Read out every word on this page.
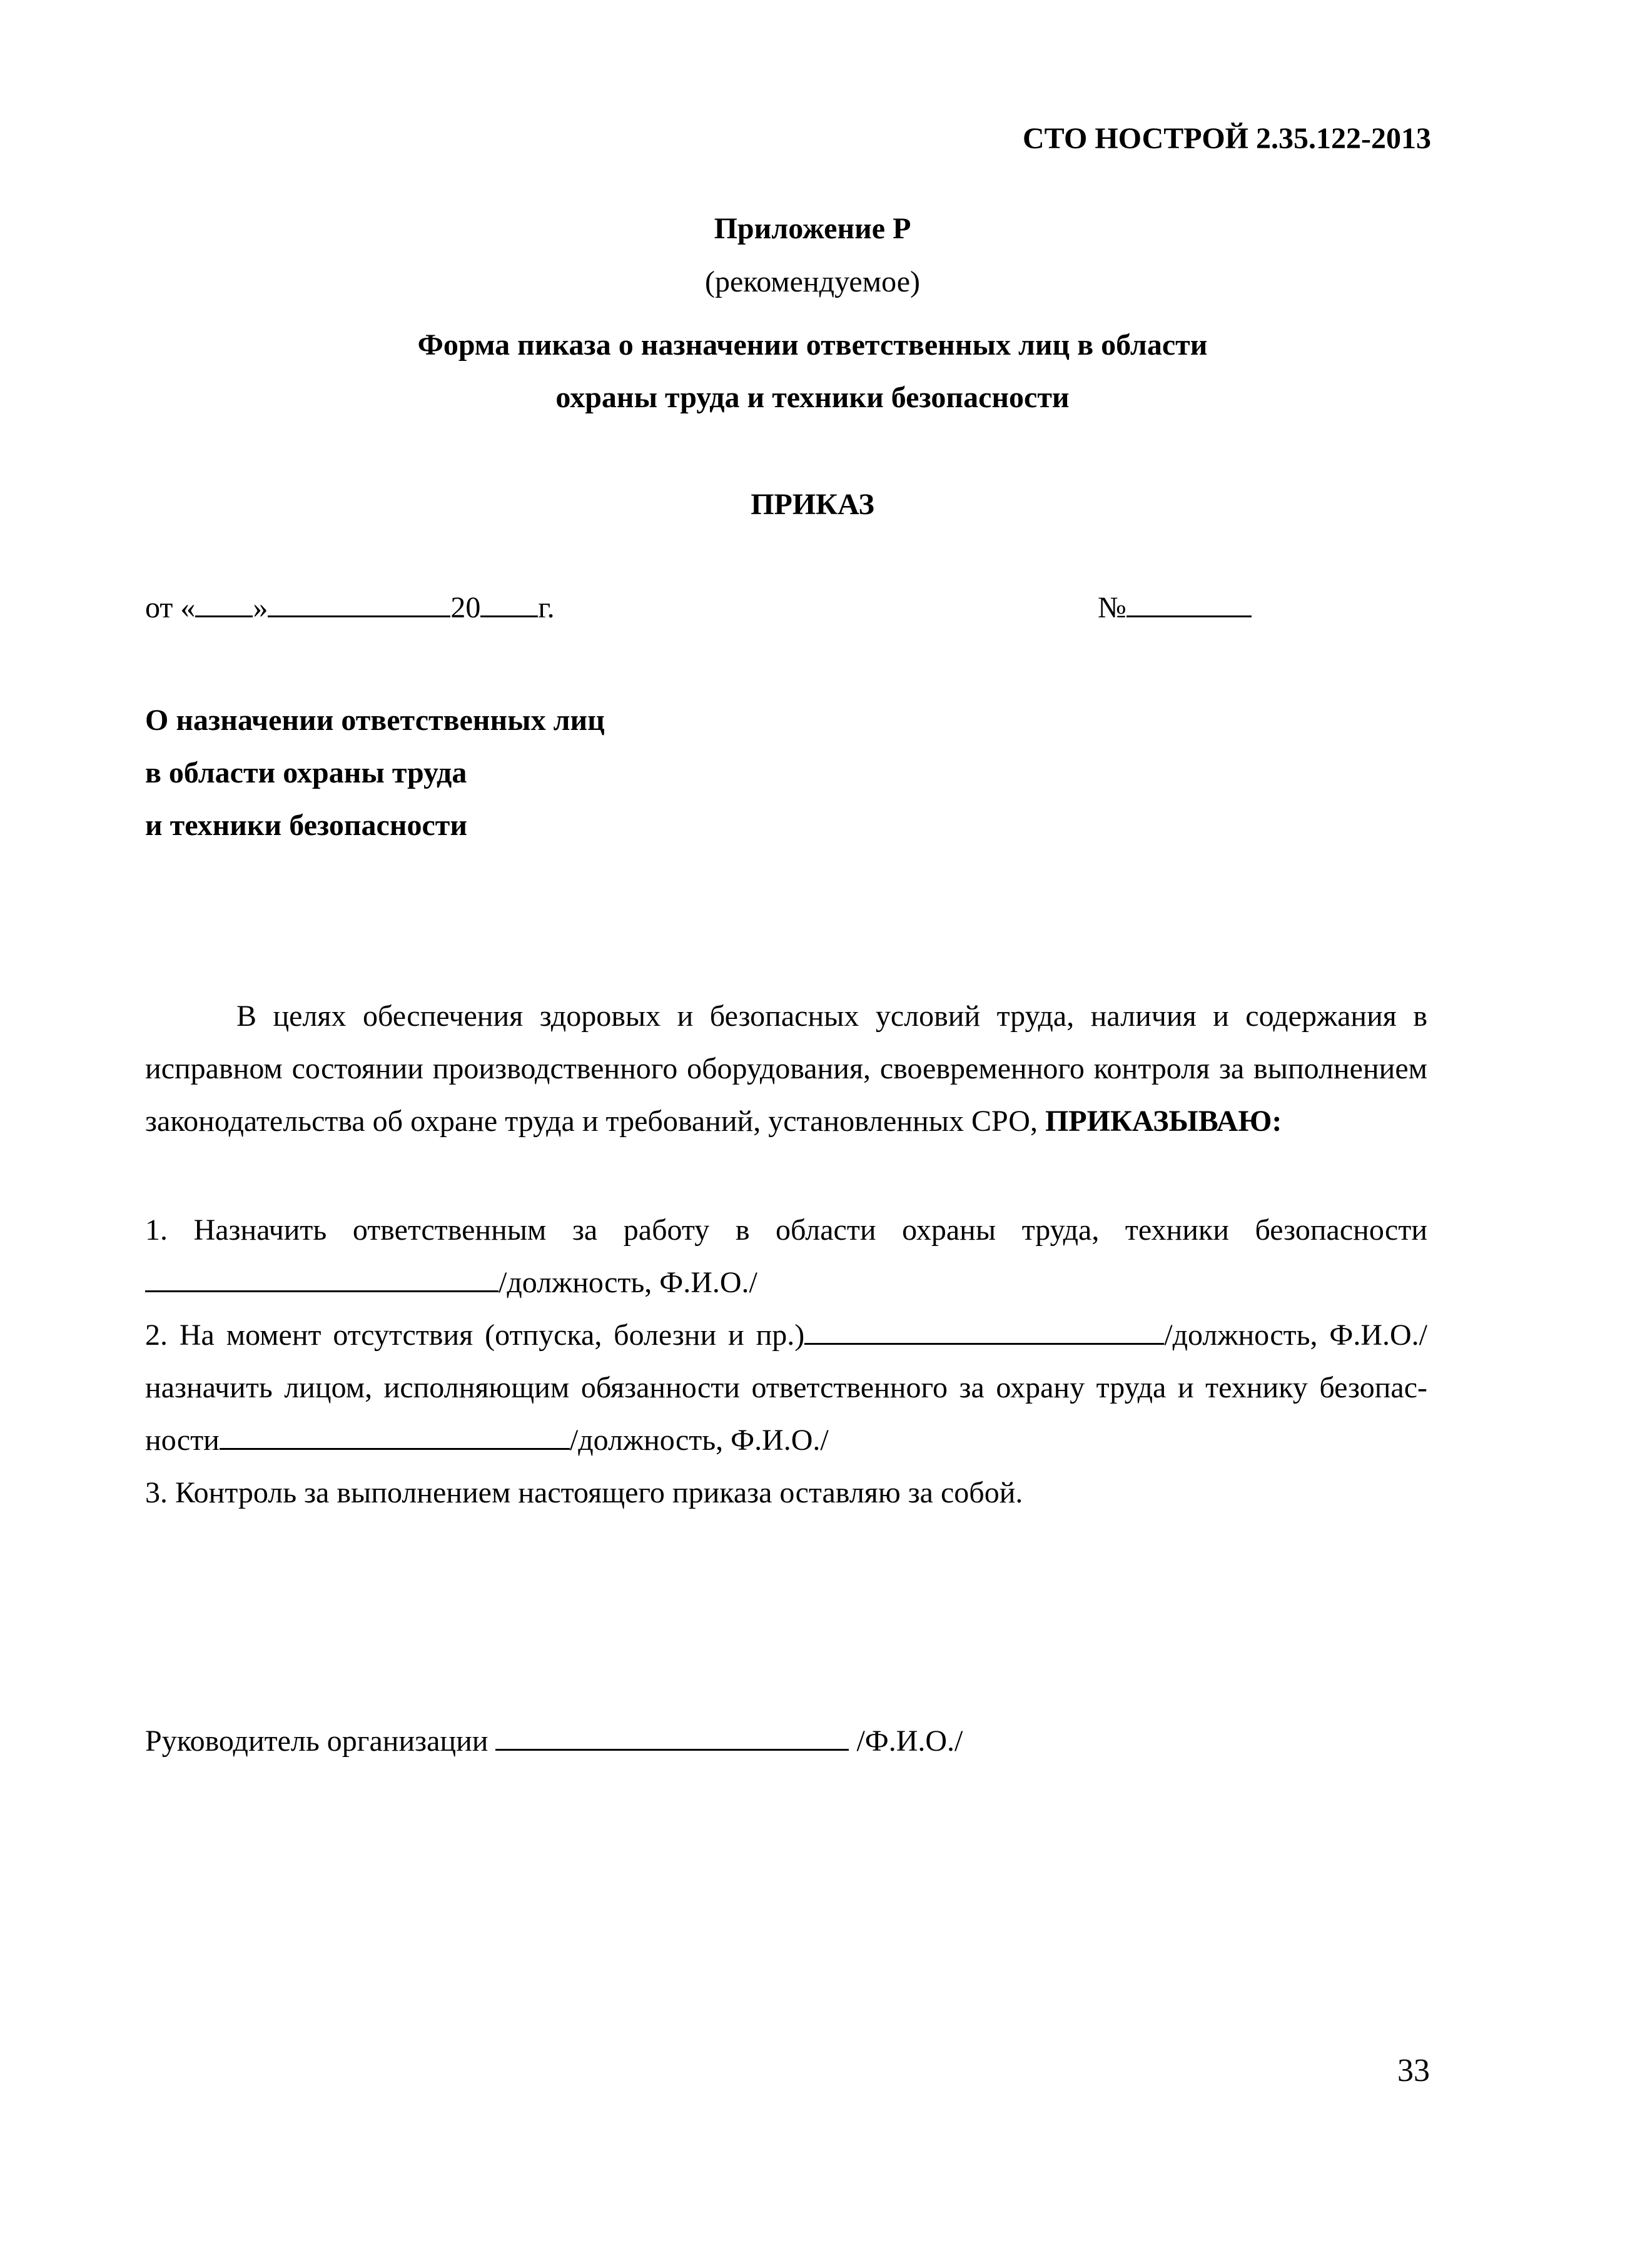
СТО НОСТРОЙ 2.35.122-2013
Приложение Р
(рекомендуемое)
Форма пиказа о назначении ответственных лиц в области
охраны труда и техники безопасности
ПРИКАЗ
от « »	20 г.	№
О назначении ответственных лиц
в области охраны труда
и техники безопасности
В целях обеспечения здоровых и безопасных условий труда, наличия и содержания в исправном состоянии производственного оборудования, своевременного контроля за выполнением законодательства об охране труда и требований, установленных СРО, ПРИКАЗЫВАЮ:
1. Назначить ответственным за работу в области охраны труда, техники безопасности
/должность, Ф.И.О./
2. На момент отсутствия (отпуска, болезни и пр.)	/должность, Ф.И.О./
назначить лицом, исполняющим обязанности ответственного за охрану труда и технику безопас-
ности	/должность, Ф.И.О./
3. Контроль за выполнением настоящего приказа оставляю за собой.
Руководитель организации	/Ф.И.О./
33
